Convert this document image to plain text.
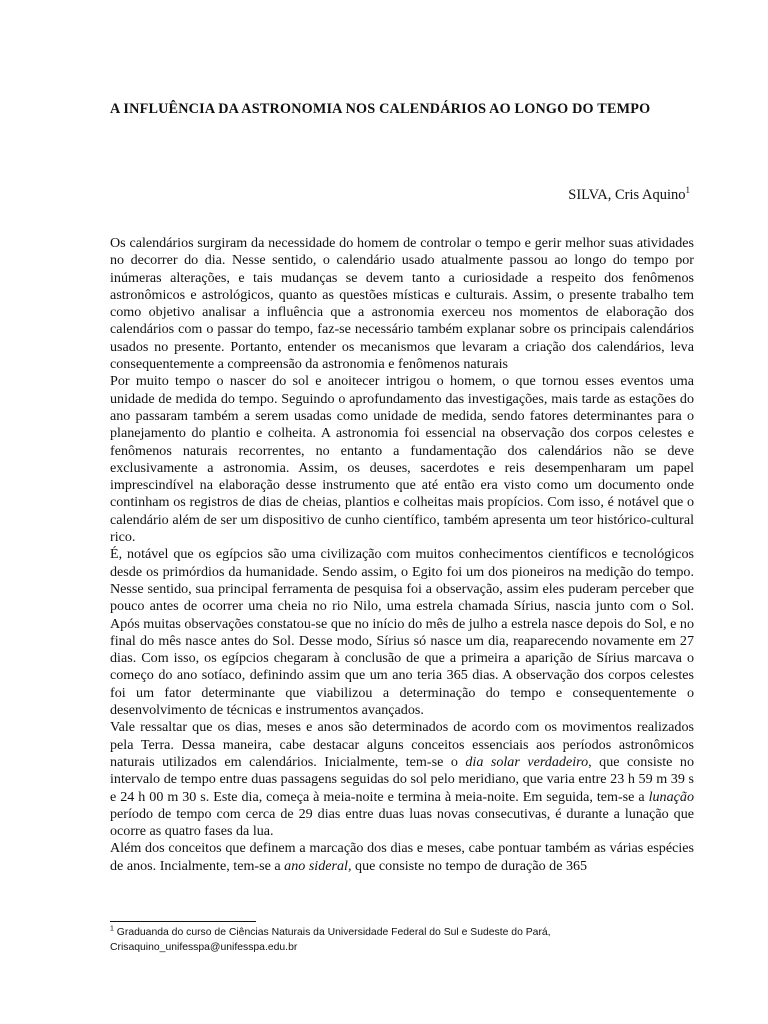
A INFLUÊNCIA DA ASTRONOMIA NOS CALENDÁRIOS AO LONGO DO TEMPO

SILVA, Cris Aquino$^1$

Os calendários surgiram da necessidade do homem de controlar o tempo e gerir melhor suas atividades no decorrer do dia. Nesse sentido, o calendário usado atualmente passou ao longo do tempo por inúmeras alterações, e tais mudanças se devem tanto a curiosidade a respeito dos fenômenos astronômicos e astrológicos, quanto as questões místicas e culturais. Assim, o presente trabalho tem como objetivo analisar a influência que a astronomia exerceu nos momentos de elaboração dos calendários com o passar do tempo, faz-se necessário também explanar sobre os principais calendários usados no presente. Portanto, entender os mecanismos que levaram a criação dos calendários, leva consequentemente a compreensão da astronomia e fenômenos naturais

Por muito tempo o nascer do sol e anoitecer intrigou o homem, o que tornou esses eventos uma unidade de medida do tempo. Seguindo o aprofundamento das investigações, mais tarde as estações do ano passaram também a serem usadas como unidade de medida, sendo fatores determinantes para o planejamento do plantio e colheita. A astronomia foi essencial na observação dos corpos celestes e fenômenos naturais recorrentes, no entanto a fundamentação dos calendários não se deve exclusivamente a astronomia. Assim, os deuses, sacerdotes e reis desempenharam um papel imprescindível na elaboração desse instrumento que até então era visto como um documento onde continham os registros de dias de cheias, plantios e colheitas mais propícios. Com isso, é notável que o calendário além de ser um dispositivo de cunho científico, também apresenta um teor histórico-cultural rico.

É, notável que os egípcios são uma civilização com muitos conhecimentos científicos e tecnológicos desde os primórdios da humanidade. Sendo assim, o Egito foi um dos pioneiros na medição do tempo. Nesse sentido, sua principal ferramenta de pesquisa foi a observação, assim eles puderam perceber que pouco antes de ocorrer uma cheia no rio Nilo, uma estrela chamada Sírius, nascia junto com o Sol. Após muitas observações constatou-se que no início do mês de julho a estrela nasce depois do Sol, e no final do mês nasce antes do Sol. Desse modo, Sírius só nasce um dia, reaparecendo novamente em 27 dias. Com isso, os egípcios chegaram à conclusão de que a primeira a aparição de Sírius marcava o começo do ano sotíaco, definindo assim que um ano teria 365 dias. A observação dos corpos celestes foi um fator determinante que viabilizou a determinação do tempo e consequentemente o desenvolvimento de técnicas e instrumentos avançados.

Vale ressaltar que os dias, meses e anos são determinados de acordo com os movimentos realizados pela Terra. Dessa maneira, cabe destacar alguns conceitos essenciais aos períodos astronômicos naturais utilizados em calendários. Inicialmente, tem-se o dia solar verdadeiro, que consiste no intervalo de tempo entre duas passagens seguidas do sol pelo meridiano, que varia entre 23 h 59 m 39 s e 24 h 00 m 30 s. Este dia, começa à meia-noite e termina à meia-noite. Em seguida, tem-se a lunação período de tempo com cerca de 29 dias entre duas luas novas consecutivas, é durante a lunação que ocorre as quatro fases da lua.

Além dos conceitos que definem a marcação dos dias e meses, cabe pontuar também as várias espécies de anos. Incialmente, tem-se a ano sideral, que consiste no tempo de duração de 365

$^1$ Graduanda do curso de Ciências Naturais da Universidade Federal do Sul e Sudeste do Pará,
Crisaquino_unifesspa@unifesspa.edu.br
